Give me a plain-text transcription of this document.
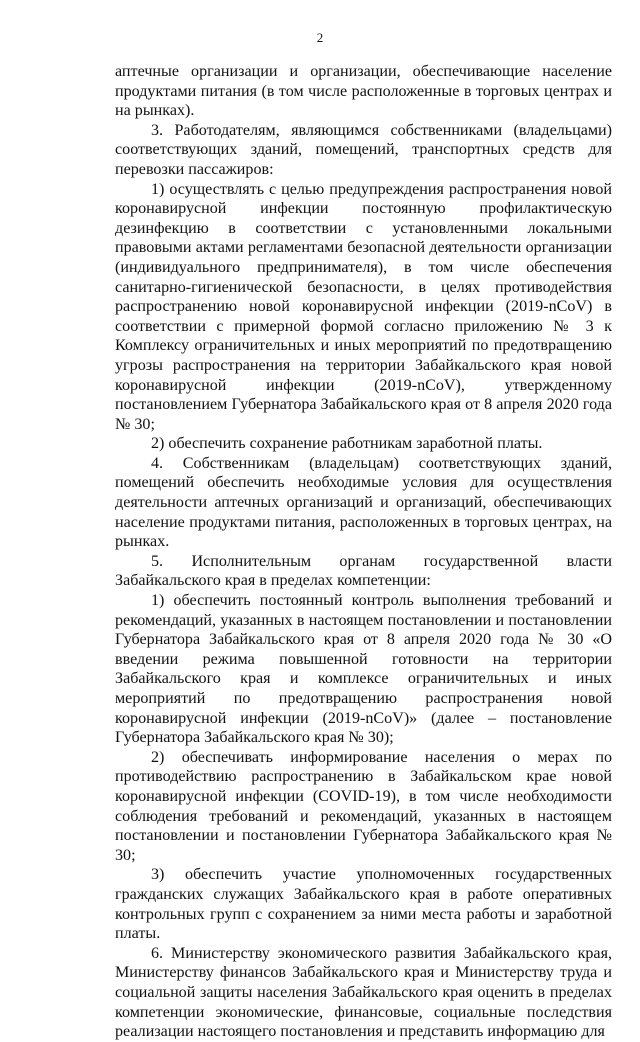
2

аптечные организации и организации, обеспечивающие население продуктами питания (в том числе расположенные в торговых центрах и на рынках).

3. Работодателям, являющимся собственниками (владельцами) соответствующих зданий, помещений, транспортных средств для перевозки пассажиров:

1) осуществлять с целью предупреждения распространения новой коронавирусной инфекции постоянную профилактическую дезинфекцию в соответствии с установленными локальными правовыми актами регламентами безопасной деятельности организации (индивидуального предпринимателя), в том числе обеспечения санитарно-гигиенической безопасности, в целях противодействия распространению новой коронавирусной инфекции (2019-nCoV) в соответствии с примерной формой согласно приложению № 3 к Комплексу ограничительных и иных мероприятий по предотвращению угрозы распространения на территории Забайкальского края новой коронавирусной инфекции (2019-nCoV), утвержденному постановлением Губернатора Забайкальского края от 8 апреля 2020 года № 30;

2) обеспечить сохранение работникам заработной платы.

4. Собственникам (владельцам) соответствующих зданий, помещений обеспечить необходимые условия для осуществления деятельности аптечных организаций и организаций, обеспечивающих население продуктами питания, расположенных в торговых центрах, на рынках.

5. Исполнительным органам государственной власти Забайкальского края в пределах компетенции:

1) обеспечить постоянный контроль выполнения требований и рекомендаций, указанных в настоящем постановлении и постановлении Губернатора Забайкальского края от 8 апреля 2020 года № 30 «О введении режима повышенной готовности на территории Забайкальского края и комплексе ограничительных и иных мероприятий по предотвращению распространения новой коронавирусной инфекции (2019-nCoV)» (далее – постановление Губернатора Забайкальского края № 30);

2) обеспечивать информирование населения о мерах по противодействию распространению в Забайкальском крае новой коронавирусной инфекции (COVID-19), в том числе необходимости соблюдения требований и рекомендаций, указанных в настоящем постановлении и постановлении Губернатора Забайкальского края № 30;

3) обеспечить участие уполномоченных государственных гражданских служащих Забайкальского края в работе оперативных контрольных групп с сохранением за ними места работы и заработной платы.

6. Министерству экономического развития Забайкальского края, Министерству финансов Забайкальского края и Министерству труда и социальной защиты населения Забайкальского края оценить в пределах компетенции экономические, финансовые, социальные последствия реализации настоящего постановления и представить информацию для
